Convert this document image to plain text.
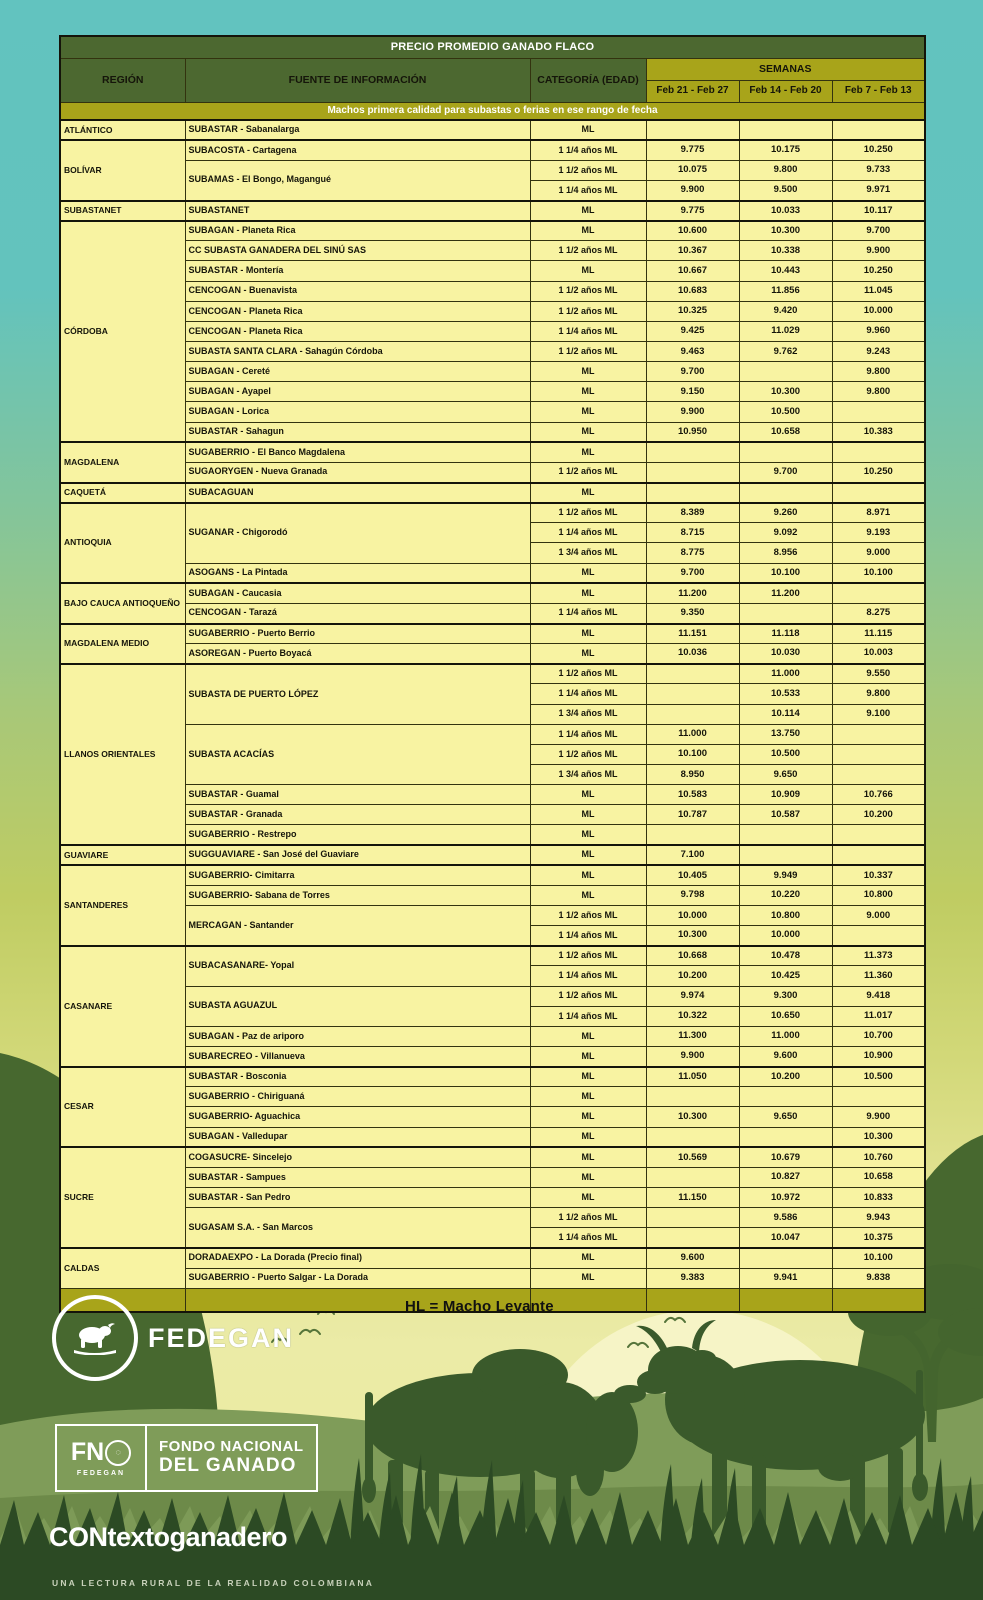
PRECIO PROMEDIO GANADO FLACO					
REGIÓN	FUENTE DE INFORMACIÓN	CATEGORÍA (EDAD)	SEMANAS		
			Feb 21 - Feb 27	Feb 14 - Feb 20	Feb 7 - Feb 13
Machos primera calidad para subastas o ferias en ese rango de fecha					
ATLÁNTICO	SUBASTAR - Sabanalarga	ML			
BOLÍVAR	SUBACOSTA - Cartagena	1 1/4 años ML	9.775	10.175	10.250
	SUBAMAS - El Bongo, Magangué	1 1/2 años ML	10.075	9.800	9.733
		1 1/4 años ML	9.900	9.500	9.971
SUBASTANET	SUBASTANET	ML	9.775	10.033	10.117
CÓRDOBA	SUBAGAN - Planeta Rica	ML	10.600	10.300	9.700
	CC SUBASTA GANADERA DEL SINÚ SAS	1 1/2 años ML	10.367	10.338	9.900
	SUBASTAR - Montería	ML	10.667	10.443	10.250
	CENCOGAN - Buenavista	1 1/2 años ML	10.683	11.856	11.045
	CENCOGAN - Planeta Rica	1 1/2 años ML	10.325	9.420	10.000
	CENCOGAN - Planeta Rica	1 1/4 años ML	9.425	11.029	9.960
	SUBASTA SANTA CLARA - Sahagún Córdoba	1 1/2 años ML	9.463	9.762	9.243
	SUBAGAN - Cereté	ML	9.700		9.800
	SUBAGAN - Ayapel	ML	9.150	10.300	9.800
	SUBAGAN - Lorica	ML	9.900	10.500	
	SUBASTAR - Sahagun	ML	10.950	10.658	10.383
MAGDALENA	SUGABERRIO - El Banco Magdalena	ML			
	SUGAORYGEN - Nueva Granada	1 1/2 años ML		9.700	10.250
CAQUETÁ	SUBACAGUAN	ML			
ANTIOQUIA	SUGANAR - Chigorodó	1 1/2 años ML	8.389	9.260	8.971
		1 1/4 años ML	8.715	9.092	9.193
		1 3/4 años ML	8.775	8.956	9.000
	ASOGANS - La Pintada	ML	9.700	10.100	10.100
BAJO CAUCA ANTIOQUEÑO	SUBAGAN - Caucasia	ML	11.200	11.200	
	CENCOGAN - Tarazá	1 1/4 años ML	9.350		8.275
MAGDALENA MEDIO	SUGABERRIO - Puerto Berrio	ML	11.151	11.118	11.115
	ASOREGAN - Puerto Boyacá	ML	10.036	10.030	10.003
LLANOS ORIENTALES	SUBASTA DE PUERTO LÓPEZ	1 1/2 años ML		11.000	9.550
		1 1/4 años ML		10.533	9.800
		1 3/4 años ML		10.114	9.100
	SUBASTA ACACÍAS	1 1/4 años ML	11.000	13.750	
		1 1/2 años ML	10.100	10.500	
		1 3/4 años ML	8.950	9.650	
	SUBASTAR - Guamal	ML	10.583	10.909	10.766
	SUBASTAR - Granada	ML	10.787	10.587	10.200
	SUGABERRIO - Restrepo	ML			
GUAVIARE	SUGGUAVIARE - San José del Guaviare	ML	7.100		
SANTANDERES	SUGABERRIO- Cimitarra	ML	10.405	9.949	10.337
	SUGABERRIO- Sabana de Torres	ML	9.798	10.220	10.800
	MERCAGAN - Santander	1 1/2 años ML	10.000	10.800	9.000
		1 1/4 años ML	10.300	10.000	
CASANARE	SUBACASANARE- Yopal	1 1/2 años ML	10.668	10.478	11.373
		1 1/4 años ML	10.200	10.425	11.360
	SUBASTA AGUAZUL	1 1/2 años ML	9.974	9.300	9.418
		1 1/4 años ML	10.322	10.650	11.017
	SUBAGAN - Paz de ariporo	ML	11.300	11.000	10.700
	SUBARECREO - Villanueva	ML	9.900	9.600	10.900
CESAR	SUBASTAR - Bosconia	ML	11.050	10.200	10.500
	SUGABERRIO - Chiriguaná	ML			
	SUGABERRIO- Aguachica	ML	10.300	9.650	9.900
	SUBAGAN - Valledupar	ML			10.300
SUCRE	COGASUCRE- Sincelejo	ML	10.569	10.679	10.760
	SUBASTAR - Sampues	ML		10.827	10.658
	SUBASTAR - San Pedro	ML	11.150	10.972	10.833
	SUGASAM S.A. - San Marcos	1 1/2 años ML		9.586	9.943
		1 1/4 años ML		10.047	10.375
CALDAS	DORADAEXPO - La Dorada (Precio final)	ML	9.600		10.100
	SUGABERRIO - Puerto Salgar - La Dorada	ML	9.383	9.941	9.838

HL = Macho Levante
FEDEGAN
FN	◌
FEDEGAN
FONDO NACIONAL
DEL GANADO
CONtextoganadero
UNA LECTURA RURAL DE LA REALIDAD COLOMBIANA
